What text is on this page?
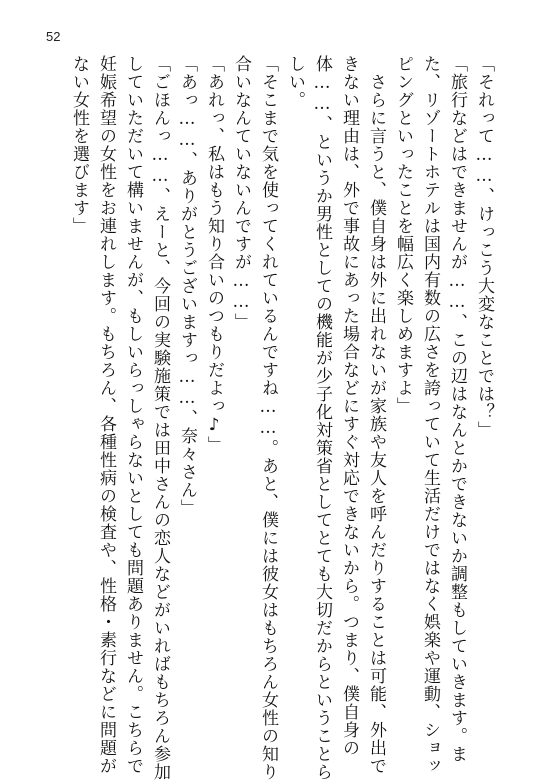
52
「それって……、けっこう大変なことでは？」
「旅行などはできませんが……、この辺はなんとかできないか調整もしていきます。ま
た、リゾートホテルは国内有数の広さを誇っていて生活だけではなく娯楽や運動、ショッ
ピングといったことを幅広く楽しめますよ」
　さらに言うと、僕自身は外に出れないが家族や友人を呼んだりすることは可能、外出で
きない理由は、外で事故にあった場合などにすぐ対応できないから。つまり、僕自身の
体……、というか男性としての機能が少子化対策省としてとても大切だからということら
しい。
「そこまで気を使ってくれているんですね……。あと、僕には彼女はもちろん女性の知り
合いなんていないんですが……」
「あれっ、私はもう知り合いのつもりだよっ♪」
「あっ……、ありがとうございますっ……、奈々さん」
「ごほんっ……、えーと、今回の実験施策では田中さんの恋人などがいればもちろん参加
していただいて構いませんが、もしいらっしゃらないとしても問題ありません。こちらで
妊娠希望の女性をお連れします。もちろん、各種性病の検査や、性格・素行などに問題が
ない女性を選びます」
